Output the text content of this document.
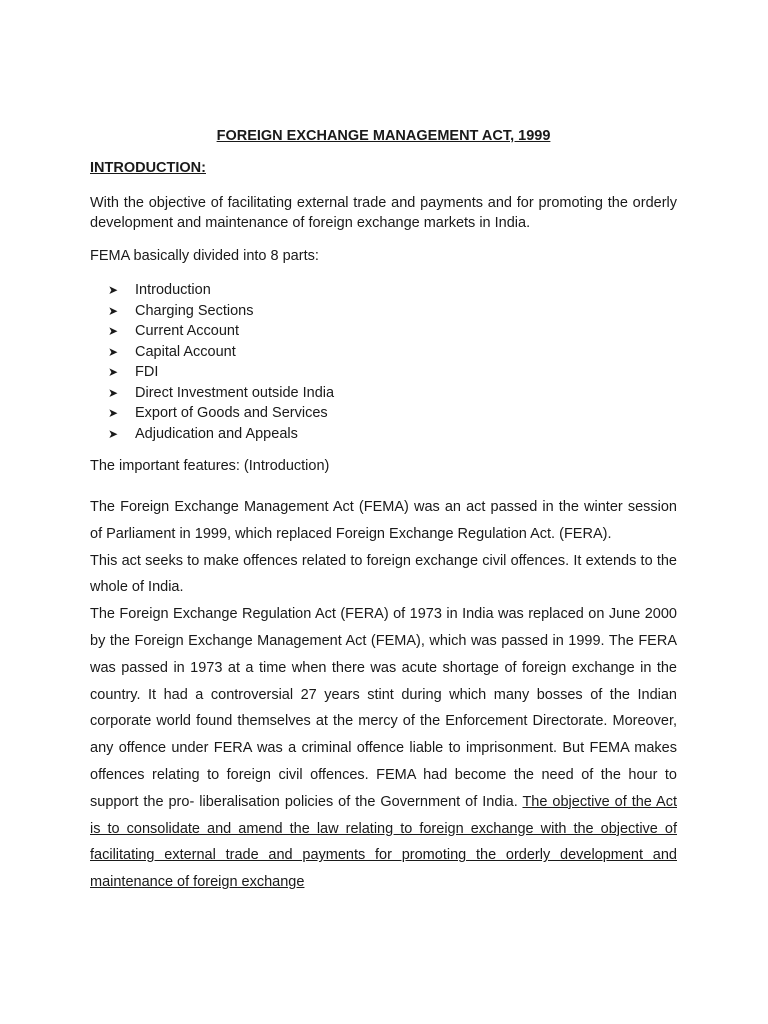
FOREIGN EXCHANGE MANAGEMENT ACT, 1999
INTRODUCTION:

With the objective of facilitating external trade and payments and for promoting the orderly development and maintenance of foreign exchange markets in India.

FEMA basically divided into 8 parts:

➤	Introduction
➤	Charging Sections
➤	Current Account
➤	Capital Account
➤	FDI
➤	Direct Investment outside India
➤	Export of Goods and Services
➤	Adjudication and Appeals

The important features: (Introduction)

The Foreign Exchange Management Act (FEMA) was an act passed in the winter session of Parliament in 1999, which replaced Foreign Exchange Regulation Act. (FERA).

This act seeks to make offences related to foreign exchange civil offences. It extends to the whole of India.

The Foreign Exchange Regulation Act (FERA) of 1973 in India was replaced on June 2000 by the Foreign Exchange Management Act (FEMA), which was passed in 1999. The FERA was passed in 1973 at a time when there was acute shortage of foreign exchange in the country. It had a controversial 27 years stint during which many bosses of the Indian corporate world found themselves at the mercy of the Enforcement Directorate. Moreover, any offence under FERA was a criminal offence liable to imprisonment. But FEMA makes offences relating to foreign civil offences. FEMA had become the need of the hour to support the pro- liberalisation policies of the Government of India. The objective of the Act is to consolidate and amend the law relating to foreign exchange with the objective of facilitating external trade and payments for promoting the orderly development and maintenance of foreign exchange
